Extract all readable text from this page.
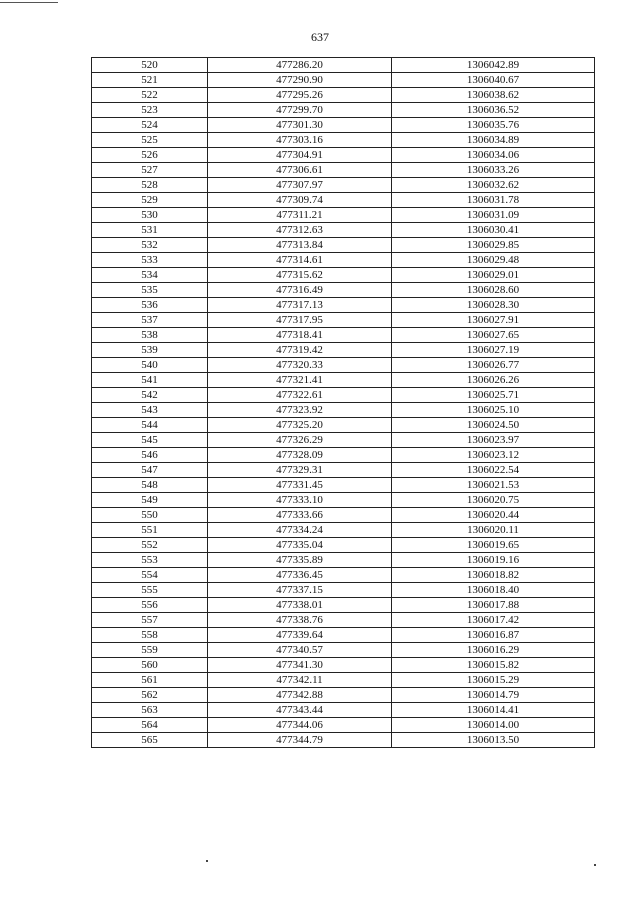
637
520	477286.20	1306042.89
521	477290.90	1306040.67
522	477295.26	1306038.62
523	477299.70	1306036.52
524	477301.30	1306035.76
525	477303.16	1306034.89
526	477304.91	1306034.06
527	477306.61	1306033.26
528	477307.97	1306032.62
529	477309.74	1306031.78
530	477311.21	1306031.09
531	477312.63	1306030.41
532	477313.84	1306029.85
533	477314.61	1306029.48
534	477315.62	1306029.01
535	477316.49	1306028.60
536	477317.13	1306028.30
537	477317.95	1306027.91
538	477318.41	1306027.65
539	477319.42	1306027.19
540	477320.33	1306026.77
541	477321.41	1306026.26
542	477322.61	1306025.71
543	477323.92	1306025.10
544	477325.20	1306024.50
545	477326.29	1306023.97
546	477328.09	1306023.12
547	477329.31	1306022.54
548	477331.45	1306021.53
549	477333.10	1306020.75
550	477333.66	1306020.44
551	477334.24	1306020.11
552	477335.04	1306019.65
553	477335.89	1306019.16
554	477336.45	1306018.82
555	477337.15	1306018.40
556	477338.01	1306017.88
557	477338.76	1306017.42
558	477339.64	1306016.87
559	477340.57	1306016.29
560	477341.30	1306015.82
561	477342.11	1306015.29
562	477342.88	1306014.79
563	477343.44	1306014.41
564	477344.06	1306014.00
565	477344.79	1306013.50
